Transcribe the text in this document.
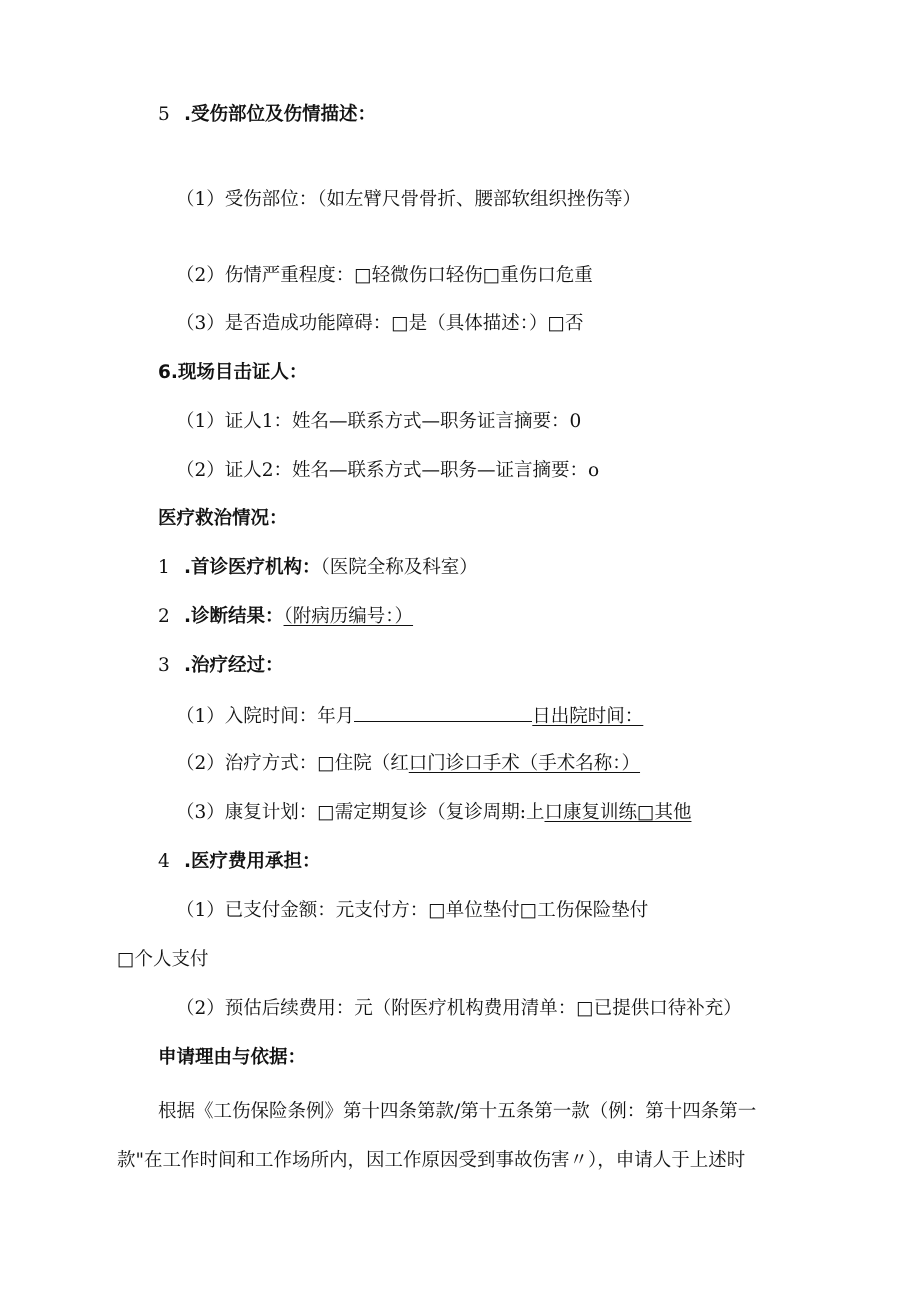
5 .受伤部位及伤情描述：
（1）受伤部位：（如左臂尺骨骨折、腰部软组织挫伤等）
（2）伤情严重程度：□轻微伤口轻伤□重伤口危重
（3）是否造成功能障碍：□是（具体描述：）□否
6.现场目击证人：
（1）证人1：姓名—联系方式—职务证言摘要：0
（2）证人2：姓名—联系方式—职务—证言摘要：o
医疗救治情况：
1 .首诊医疗机构：（医院全称及科室）
2 .诊断结果：（附病历编号：）
3 .治疗经过：
（1）入院时间：年月	日出院时间：
（2）治疗方式：□住院（红口门诊口手术（手术名称：）
（3）康复计划：□需定期复诊（复诊周期:上口康复训练□其他
4 .医疗费用承担：
（1）已支付金额：元支付方：□单位垫付□工伤保险垫付
□个人支付
（2）预估后续费用：元（附医疗机构费用清单：□已提供口待补充）
申请理由与依据：
根据《工伤保险条例》第十四条第款/第十五条第一款（例：第十四条第一
款"在工作时间和工作场所内，因工作原因受到事故伤害〃），申请人于上述时
